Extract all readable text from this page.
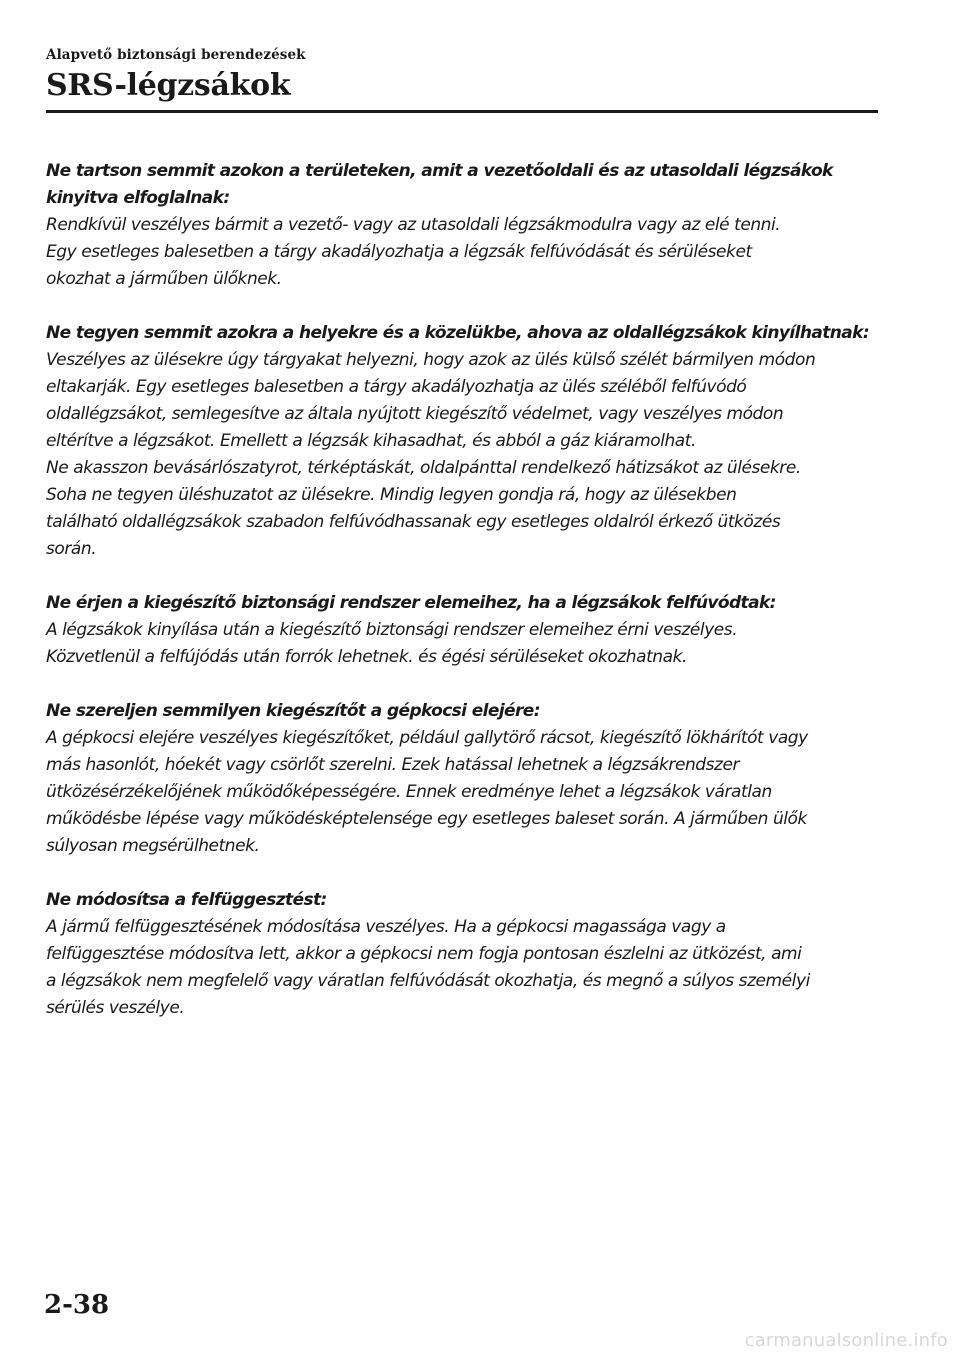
Alapvető biztonsági berendezések

SRS-légzsákok

Ne tartson semmit azokon a területeken, amit a vezetőoldali és az utasoldali légzsákok

kinyitva elfoglalnak:

Rendkívül veszélyes bármit a vezető- vagy az utasoldali légzsákmodulra vagy az elé tenni.

Egy esetleges balesetben a tárgy akadályozhatja a légzsák felfúvódását és sérüléseket

okozhat a járműben ülőknek.

Ne tegyen semmit azokra a helyekre és a közelükbe, ahova az oldallégzsákok kinyílhatnak:

Veszélyes az ülésekre úgy tárgyakat helyezni, hogy azok az ülés külső szélét bármilyen módon

eltakarják. Egy esetleges balesetben a tárgy akadályozhatja az ülés széléből felfúvódó

oldallégzsákot, semlegesítve az általa nyújtott kiegészítő védelmet, vagy veszélyes módon

eltérítve a légzsákot. Emellett a légzsák kihasadhat, és abból a gáz kiáramolhat.

Ne akasszon bevásárlószatyrot, térképtáskát, oldalpánttal rendelkező hátizsákot az ülésekre.

Soha ne tegyen üléshuzatot az ülésekre. Mindig legyen gondja rá, hogy az ülésekben

található oldallégzsákok szabadon felfúvódhassanak egy esetleges oldalról érkező ütközés

során.

Ne érjen a kiegészítő biztonsági rendszer elemeihez, ha a légzsákok felfúvódtak:

A légzsákok kinyílása után a kiegészítő biztonsági rendszer elemeihez érni veszélyes.

Közvetlenül a felfújódás után forrók lehetnek. és égési sérüléseket okozhatnak.

Ne szereljen semmilyen kiegészítőt a gépkocsi elejére:

A gépkocsi elejére veszélyes kiegészítőket, például gallytörő rácsot, kiegészítő lökhárítót vagy

más hasonlót, hóekét vagy csörlőt szerelni. Ezek hatással lehetnek a légzsákrendszer

ütközésérzékelőjének működőképességére. Ennek eredménye lehet a légzsákok váratlan

működésbe lépése vagy működésképtelensége egy esetleges baleset során. A járműben ülők

súlyosan megsérülhetnek.

Ne módosítsa a felfüggesztést:

A jármű felfüggesztésének módosítása veszélyes. Ha a gépkocsi magassága vagy a

felfüggesztése módosítva lett, akkor a gépkocsi nem fogja pontosan észlelni az ütközést, ami

a légzsákok nem megfelelő vagy váratlan felfúvódását okozhatja, és megnő a súlyos személyi

sérülés veszélye.

2-38

carmanualsonline.info
